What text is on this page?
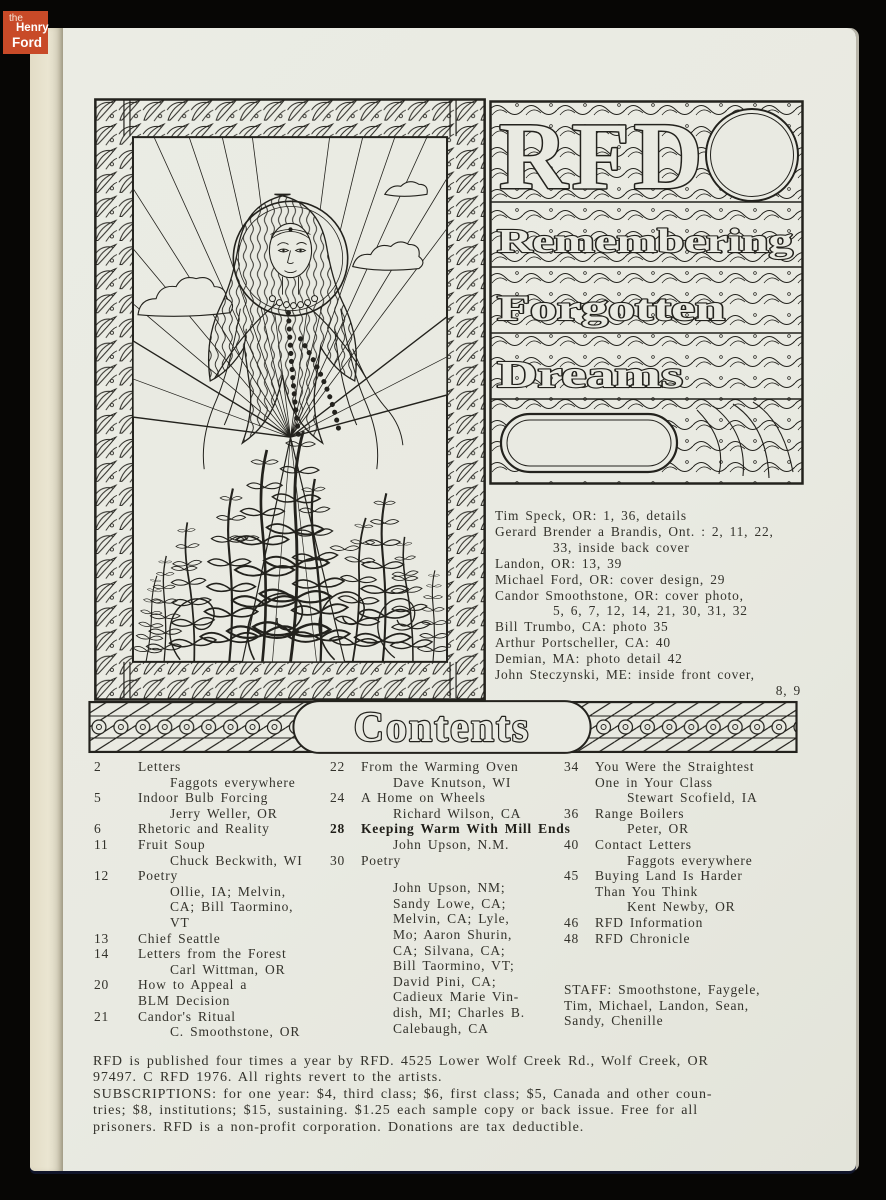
the
Henry
Ford
RFD
Remembering
Forgotten
Dreams
Tim Speck, OR: 1, 36, details
Gerard Brender a Brandis, Ont. : 2, 11, 22,
33, inside back cover
Landon, OR: 13, 39
Michael Ford, OR: cover design, 29
Candor Smoothstone, OR: cover photo,
5, 6, 7, 12, 14, 21, 30, 31, 32
Bill Trumbo, CA: photo 35
Arthur Portscheller, CA: 40
Demian, MA: photo detail 42
John Steczynski, ME: inside front cover,
8, 9
Contents
2	Letters
Faggots everywhere
5	Indoor Bulb Forcing
Jerry Weller, OR
6	Rhetoric and Reality
11	Fruit Soup
Chuck Beckwith, WI
12	Poetry
Ollie, IA; Melvin,
CA; Bill Taormino,
VT
13	Chief Seattle
14	Letters from the Forest
Carl Wittman, OR
20	How to Appeal a
BLM Decision
21	Candor's Ritual
C. Smoothstone, OR
22	From the Warming Oven
Dave Knutson, WI
24	A Home on Wheels
Richard Wilson, CA
28	Keeping Warm With Mill Ends
John Upson, N.M.
30	Poetry
John Upson, NM;
Sandy Lowe, CA;
Melvin, CA; Lyle,
Mo; Aaron Shurin,
CA; Silvana, CA;
Bill Taormino, VT;
David Pini, CA;
Cadieux Marie Vin-
dish, MI; Charles B.
Calebaugh, CA
34	You Were the Straightest
One in Your Class
Stewart Scofield, IA
36	Range Boilers
Peter, OR
40	Contact Letters
Faggots everywhere
45	Buying Land Is Harder
Than You Think
Kent Newby, OR
46	RFD Information
48	RFD Chronicle
STAFF: Smoothstone, Faygele,
Tim, Michael, Landon, Sean,
Sandy, Chenille
RFD is published four times a year by RFD. 4525 Lower Wolf Creek Rd., Wolf Creek, OR
97497. C RFD 1976. All rights revert to the artists.
SUBSCRIPTIONS: for one year: $4, third class; $6, first class; $5, Canada and other coun-
tries; $8, institutions; $15, sustaining. $1.25 each sample copy or back issue. Free for all
prisoners. RFD is a non-profit corporation. Donations are tax deductible.
